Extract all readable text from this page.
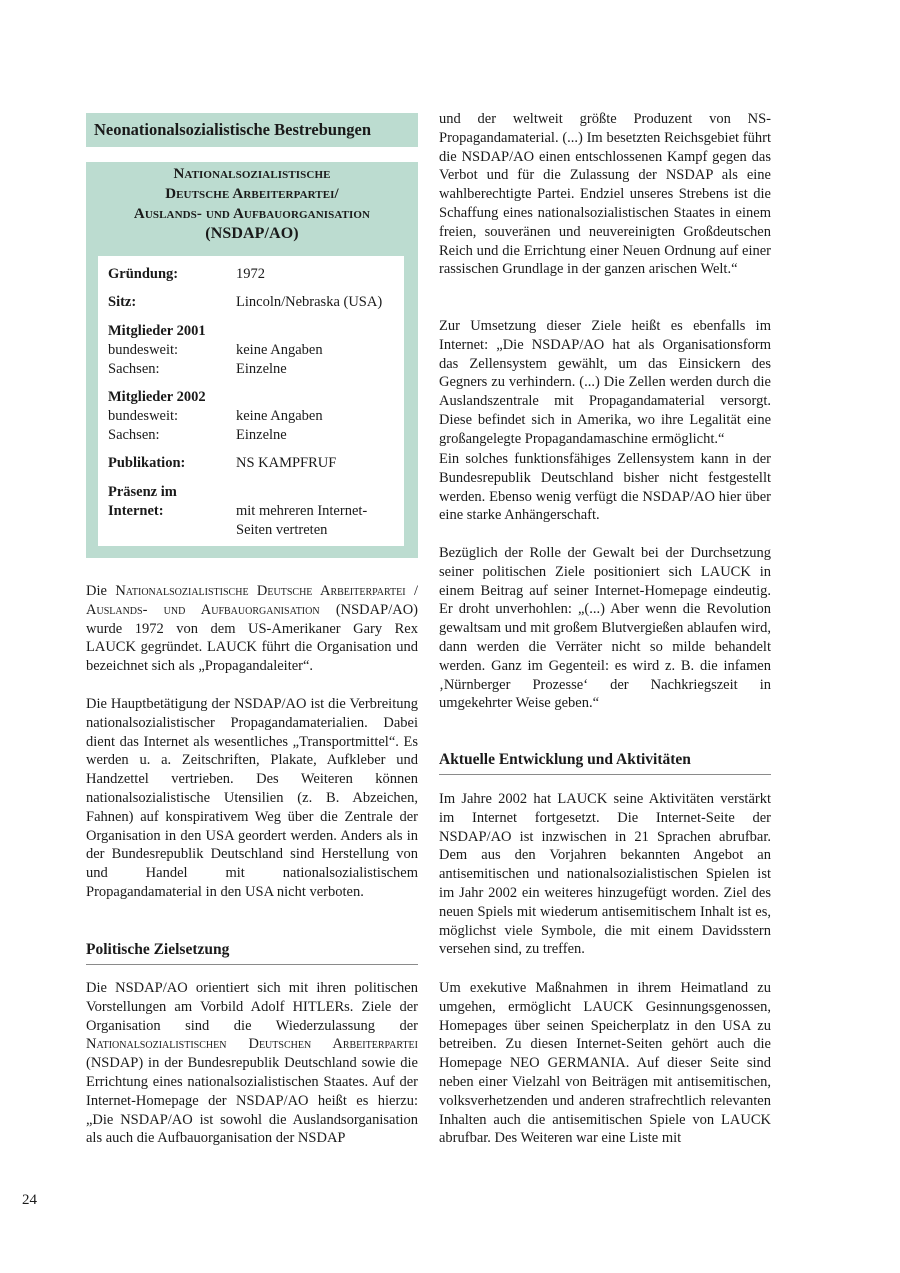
Neonationalsozialistische Bestrebungen
Nationalsozialistische
Deutsche Arbeiterpartei/
Auslands- und Aufbauorganisation
(NSDAP/AO)
Gründung:	1972
Sitz:	Lincoln/Nebraska (USA)
Mitglieder 2001
bundesweit:	keine Angaben
Sachsen:	Einzelne
Mitglieder 2002
bundesweit:	keine Angaben
Sachsen:	Einzelne
Publikation:	NS KAMPFRUF
Präsenz im
Internet:	mit mehreren Internet-
Seiten vertreten

Die Nationalsozialistische Deutsche Arbeiterpartei / Auslands- und Aufbauorganisation (NSDAP/AO) wurde 1972 von dem US-Amerikaner Gary Rex LAUCK gegründet. LAUCK führt die Organisation und bezeichnet sich als „Propagandaleiter“.

Die Hauptbetätigung der NSDAP/AO ist die Verbreitung nationalsozialistischer Propagandamaterialien. Dabei dient das Internet als wesentliches „Transportmittel“. Es werden u. a. Zeitschriften, Plakate, Aufkleber und Handzettel vertrieben. Des Weiteren können nationalsozialistische Utensilien (z. B. Abzeichen, Fahnen) auf konspirativem Weg über die Zentrale der Organisation in den USA geordert werden. Anders als in der Bundesrepublik Deutschland sind Herstellung von und Handel mit nationalsozialistischem Propagandamaterial in den USA nicht verboten.

Politische Zielsetzung

Die NSDAP/AO orientiert sich mit ihren politischen Vorstellungen am Vorbild Adolf HITLERs. Ziele der Organisation sind die Wiederzulassung der Nationalsozialistischen Deutschen Arbeiterpartei (NSDAP) in der Bundesrepublik Deutschland sowie die Errichtung eines nationalsozialistischen Staates. Auf der Internet-Homepage der NSDAP/AO heißt es hierzu: „Die NSDAP/AO ist sowohl die Auslandsorganisation als auch die Aufbauorganisation der NSDAP

und der weltweit größte Produzent von NS-Propagandamaterial. (...) Im besetzten Reichsgebiet führt die NSDAP/AO einen entschlossenen Kampf gegen das Verbot und für die Zulassung der NSDAP als eine wahlberechtigte Partei. Endziel unseres Strebens ist die Schaffung eines nationalsozialistischen Staates in einem freien, souveränen und neuvereinigten Großdeutschen Reich und die Errichtung einer Neuen Ordnung auf einer rassischen Grundlage in der ganzen arischen Welt.“

Zur Umsetzung dieser Ziele heißt es ebenfalls im Internet: „Die NSDAP/AO hat als Organisationsform das Zellensystem gewählt, um das Einsickern des Gegners zu verhindern. (...) Die Zellen werden durch die Auslandszentrale mit Propagandamaterial versorgt. Diese befindet sich in Amerika, wo ihre Legalität eine großangelegte Propagandamaschine ermöglicht.“

Ein solches funktionsfähiges Zellensystem kann in der Bundesrepublik Deutschland bisher nicht festgestellt werden. Ebenso wenig verfügt die NSDAP/AO hier über eine starke Anhängerschaft.

Bezüglich der Rolle der Gewalt bei der Durchsetzung seiner politischen Ziele positioniert sich LAUCK in einem Beitrag auf seiner Internet-Homepage eindeutig. Er droht unverhohlen: „(...) Aber wenn die Revolution gewaltsam und mit großem Blutvergießen ablaufen wird, dann werden die Verräter nicht so milde behandelt werden. Ganz im Gegenteil: es wird z. B. die infamen ‚Nürnberger Prozesse‘ der Nachkriegszeit in umgekehrter Weise geben.“

Aktuelle Entwicklung und Aktivitäten

Im Jahre 2002 hat LAUCK seine Aktivitäten verstärkt im Internet fortgesetzt. Die Internet-Seite der NSDAP/AO ist inzwischen in 21 Sprachen abrufbar. Dem aus den Vorjahren bekannten Angebot an antisemitischen und nationalsozialistischen Spielen ist im Jahr 2002 ein weiteres hinzugefügt worden. Ziel des neuen Spiels mit wiederum antisemitischem Inhalt ist es, möglichst viele Symbole, die mit einem Davidsstern versehen sind, zu treffen.

Um exekutive Maßnahmen in ihrem Heimatland zu umgehen, ermöglicht LAUCK Gesinnungsgenossen, Homepages über seinen Speicherplatz in den USA zu betreiben. Zu diesen Internet-Seiten gehört auch die Homepage NEO GERMANIA. Auf dieser Seite sind neben einer Vielzahl von Beiträgen mit antisemitischen, volksverhetzenden und anderen strafrechtlich relevanten Inhalten auch die antisemitischen Spiele von LAUCK abrufbar. Des Weiteren war eine Liste mit

24
